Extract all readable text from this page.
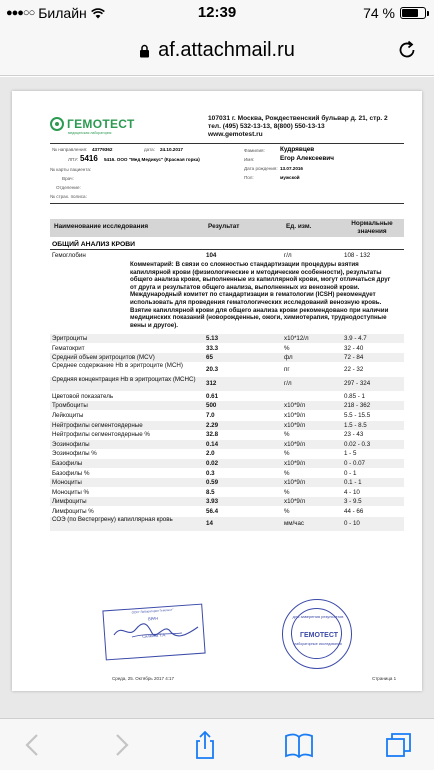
●●●○○ Билайн	12:39	74 %
af.attachmail.ru
ГЕМОТЕСТ
медицинская лаборатория
107031 г. Москва, Рождественский бульвар д. 21, стр. 2
тел. (495) 532-13-13, 8(800) 550-13-13
www.gemotest.ru
№ направления: 43779362	дата: 24.10.2017
ЛПУ: 5416 5416. ООО "Мед Медикус" (Красная горка)
№ карты пациента:
Врач:
Отделение:
№ страх. полиса:
Фамилия: Кудрявцев
Имя:	Егор Алексеевич
Дата рождения: 13.07.2016
Пол:	мужской
Наименование исследования	Результат	Ед. изм.	Нормальные значения
ОБЩИЙ АНАЛИЗ КРОВИ
Гемоглобин	104	г/л	108 - 132
Комментарий: В связи со сложностью стандартизации процедуры взятия капиллярной крови (физиологические и методические особенности), результаты общего анализа крови, выполненные из капиллярной крови, могут отличаться друг от друга и результатов общего анализа, выполненных из венозной крови. Международный комитет по стандартизации в гематологии (ICSH) рекомендует использовать для проведения гематологических исследований венозную кровь. Взятие капиллярной крови для общего анализа крови рекомендовано при наличии медицинских показаний (новорожденные, ожоги, химиотерапия, труднодоступные вены и другое).
Эритроциты	5.13	x10*12/л	3.9 - 4.7
Гематокрит	33.3	%	32 - 40
Средний объем эритроцитов (MCV)	65	фл	72 - 84
Среднее содержание Hb в эритроците (MCH)
20.3	пг	22 - 32
Средняя концентрация Hb в эритроцитах (MCHC)
312	г/л	297 - 324
Цветовой показатель	0.61	0.85 - 1
Тромбоциты	500	x10*9/л	218 - 362
Лейкоциты	7.0	x10*9/л	5.5 - 15.5
Нейтрофилы сегментоядерные	2.29	x10*9/л	1.5 - 8.5
Нейтрофилы сегментоядерные %	32.8	%	23 - 43
Эозинофилы	0.14	x10*9/л	0.02 - 0.3
Эозинофилы %	2.0	%	1 - 5
Базофилы	0.02	x10*9/л	0 - 0.07
Базофилы %	0.3	%	0 - 1
Моноциты	0.59	x10*9/л	0.1 - 1
Моноциты %	8.5	%	4 - 10
Лимфоциты	3.93	x10*9/л	3 - 9.5
Лимфоциты %	56.4	%	44 - 66
СОЭ (по Вестергрену) капиллярная кровь
14	мм/час	0 - 10
ООО "Лаборатория Гемотест"
ВРАЧ
Силкина Т.А.
для заверения результатов
ГЕМОТЕСТ
лабораторные исследования
Среда, 25. Октябрь 2017 4:17	Страница 1
